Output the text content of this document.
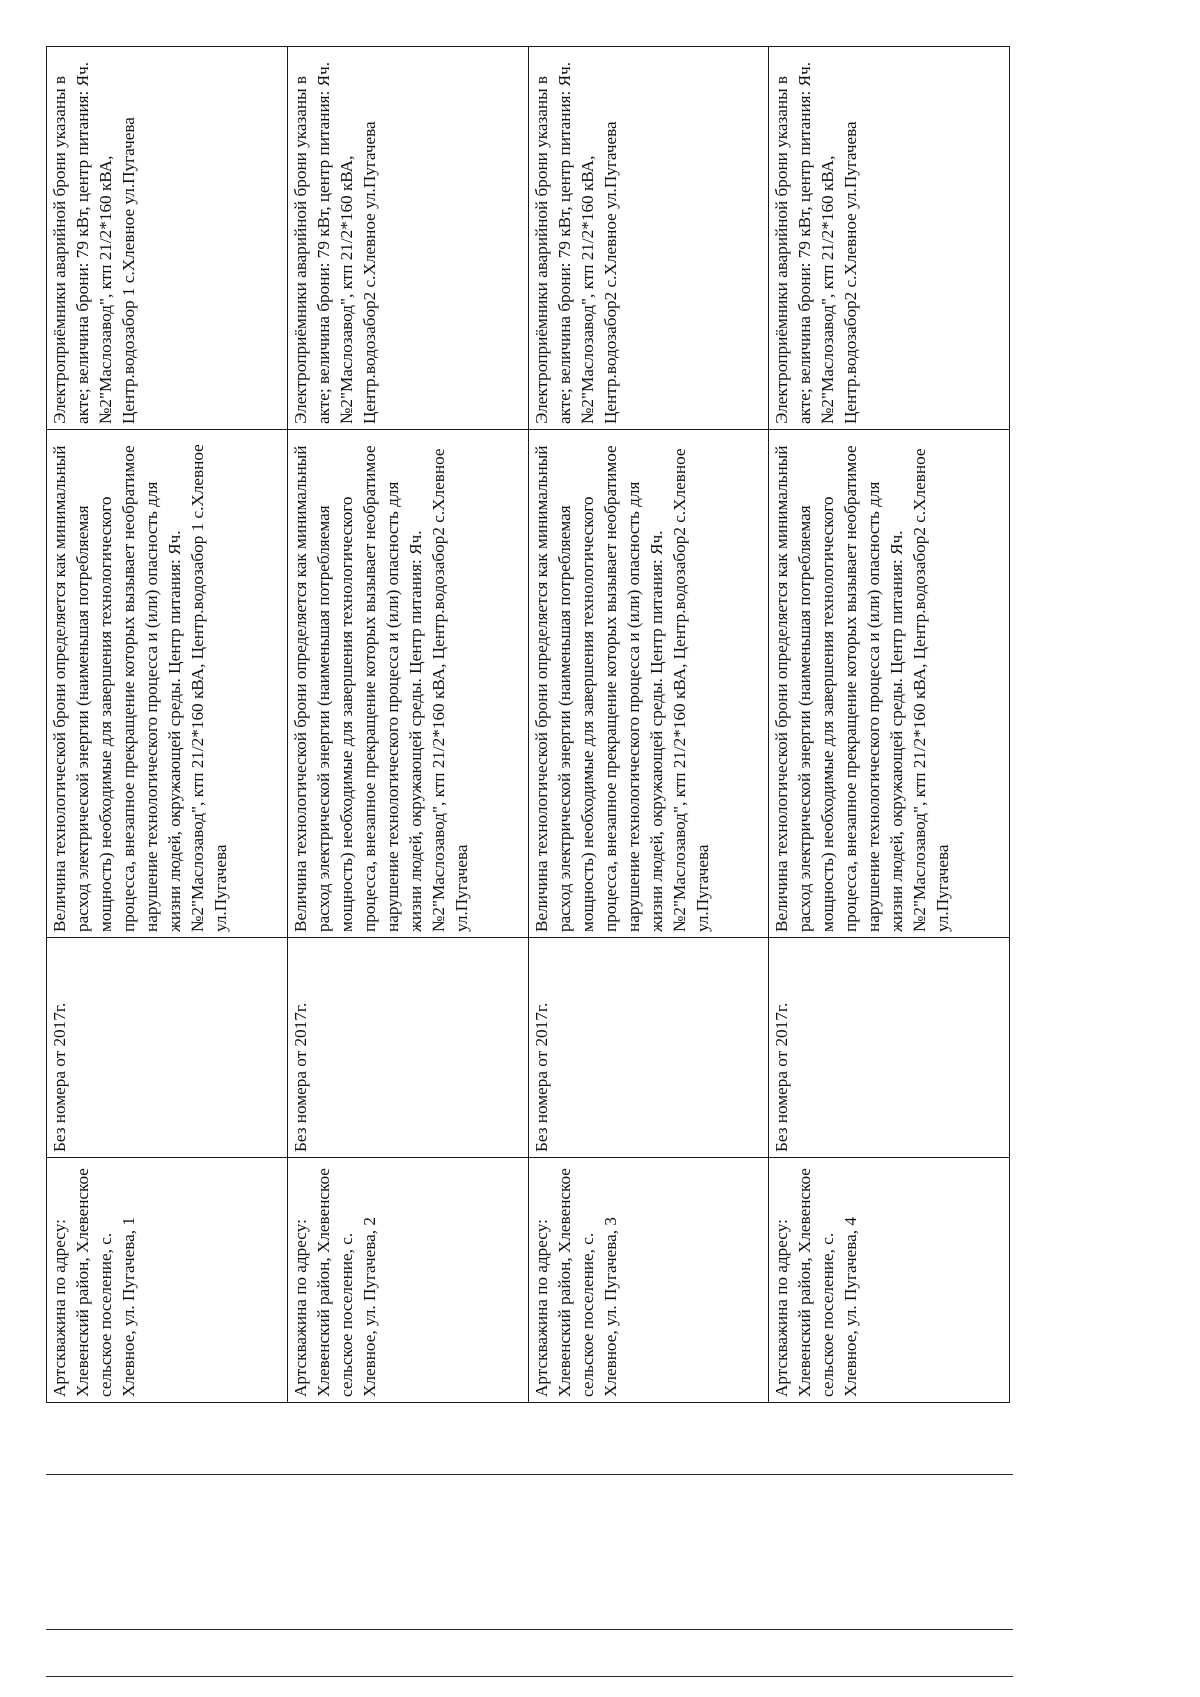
Артскважина по адресу: Хлевенский район, Хлевенское сельское поселение, с. Хлевное, ул. Пугачева, 1	Без номера от 2017г.	Величина технологической брони определяется как минимальный расход электрической энергии (наименьшая потребляемая мощность) необходимые для завершения технологического процесса, внезапное прекращение которых вызывает необратимое нарушение технологического процесса и (или) опасность для жизни людей, окружающей среды. Центр питания: Яч. №2"Маслозавод", ктп 21/2*160 кВА, Центр.водозабор 1 с.Хлевное ул.Пугачева	Электроприёмники аварийной брони указаны в акте; величина брони: 79 кВт, центр питания: Яч. №2"Маслозавод", ктп 21/2*160 кВА, Центр.водозабор 1 с.Хлевное ул.Пугачева
Артскважина по адресу: Хлевенский район, Хлевенское сельское поселение, с. Хлевное, ул. Пугачева, 2	Без номера от 2017г.	Величина технологической брони определяется как минимальный расход электрической энергии (наименьшая потребляемая мощность) необходимые для завершения технологического процесса, внезапное прекращение которых вызывает необратимое нарушение технологического процесса и (или) опасность для жизни людей, окружающей среды. Центр питания: Яч. №2"Маслозавод", ктп 21/2*160 кВА, Центр.водозабор2 с.Хлевное ул.Пугачева	Электроприёмники аварийной брони указаны в акте; величина брони: 79 кВт, центр питания: Яч. №2"Маслозавод", ктп 21/2*160 кВА, Центр.водозабор2 с.Хлевное ул.Пугачева
Артскважина по адресу: Хлевенский район, Хлевенское сельское поселение, с. Хлевное, ул. Пугачева, 3	Без номера от 2017г.	Величина технологической брони определяется как минимальный расход электрической энергии (наименьшая потребляемая мощность) необходимые для завершения технологического процесса, внезапное прекращение которых вызывает необратимое нарушение технологического процесса и (или) опасность для жизни людей, окружающей среды. Центр питания: Яч. №2"Маслозавод", ктп 21/2*160 кВА, Центр.водозабор2 с.Хлевное ул.Пугачева	Электроприёмники аварийной брони указаны в акте; величина брони: 79 кВт, центр питания: Яч. №2"Маслозавод", ктп 21/2*160 кВА, Центр.водозабор2 с.Хлевное ул.Пугачева
Артскважина по адресу: Хлевенский район, Хлевенское сельское поселение, с. Хлевное, ул. Пугачева, 4	Без номера от 2017г.	Величина технологической брони определяется как минимальный расход электрической энергии (наименьшая потребляемая мощность) необходимые для завершения технологического процесса, внезапное прекращение которых вызывает необратимое нарушение технологического процесса и (или) опасность для жизни людей, окружающей среды. Центр питания: Яч. №2"Маслозавод", ктп 21/2*160 кВА, Центр.водозабор2 с.Хлевное ул.Пугачева	Электроприёмники аварийной брони указаны в акте; величина брони: 79 кВт, центр питания: Яч. №2"Маслозавод", ктп 21/2*160 кВА, Центр.водозабор2 с.Хлевное ул.Пугачева
